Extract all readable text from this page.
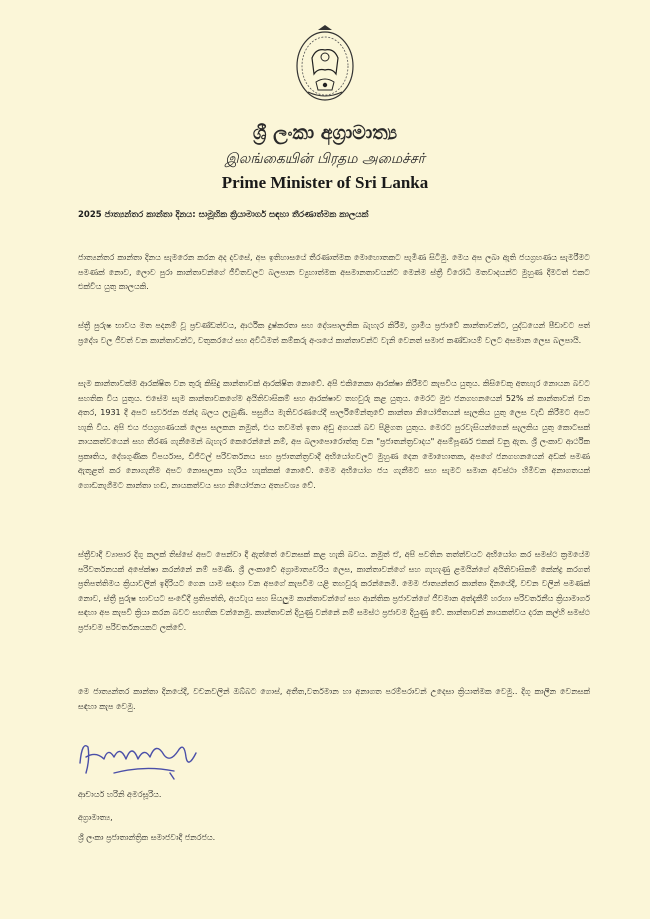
ශ්‍රී ලංකා අග්‍රාමාත්‍ය
இலங்கையின் பிரதம அமைச்சர்
Prime Minister of Sri Lanka
2025 ජාත්‍යන්තර කාන්තා දිනය: සාමූහික ක්‍රියාමාර්ග සඳහා තීරණාත්මක කාලයක්

ජාත්‍යන්තර කාන්තා දිනය සැමරෙන කරන අද දවසේ, අප ඉතිහාසයේ තීරණාත්මක මොහොතකට පැමිණ සිටිමු. මෙය අප ලබා ඇති ජයග්‍රහණය සැමරීමට පමණක් නොව, ලොව පුරා කාන්තාවන්ගේ ජීවිතවලට බලපාන ව්‍යුහාත්මක අසමානතාවයන්ට මෙන්ම ස්ත්‍රී විරෝධී මතවාදයන්ට මුහුණ දීමටත් එකට එක්විය යුතු කාලයකි.

ස්ත්‍රී පුරුෂ භාවය මත පදනම් වූ ප්‍රචණ්ඩත්වය, ආර්ථික දුෂ්කරතා සහ දේශපාලනික බැහැර කිරීම, ග්‍රාමීය ප්‍රජාවේ කාන්තාවන්ට, යුද්ධයෙන් පීඩාවට පත් ප්‍රදේශ වල ජීවත් වන කාන්තාවන්ට, වතුකරයේ සහ අවිධිමත් කම්කරු අංශයේ කාන්තාවන්ට වැනි වෙනත් සමාජ කණ්ඩායම් වලට අසමාන ලෙස බලපායි.

සැම කාන්තාවක්ම ආරක්ෂිත වන තුරු කිසිදු කාන්තාවක් ආරක්ෂිත නොවේ. අපි එකිනෙකා ආරක්ෂා කිරීමට කැපවිය යුතුය. කිසිවෙකු අතහැර නොයන බවට සහතික විය යුතුය. එසේම සැම කාන්තාවකගේම අයිතිවාසිකම් සහ ආරක්ෂාව තහවුරු කළ යුතුය. මෙරට මුළු ජනගහනයෙන් 52% ක් කාන්තාවන් වන අතර, 1931 දී අපට සර්වජන ඡන්ද බලය ලැබුණි. පසුගිය මැතිවරණයේදී පාර්ලිමේන්තුවේ කාන්තා නියෝජිතයන් සැලකිය යුතු ලෙස වැඩි කිරීමට අපට හැකි විය. අපි එය ජයග්‍රහණයක් ලෙස සලකන නමුත්, එය තවමත් ඉතා අඩු අගයක් බව පිළිගත යුතුය. මෙරට පුරවැසියන්ගෙන් සැලකිය යුතු කොටසක් නායකත්වයෙන් සහ තීරණ ගැනීමෙන් බැහැර කෙරෙන්නේ නම්, අප බලාපොරොත්තු වන "ප්‍රජාතන්ත්‍රවාදය" අසම්පූර්ණ එකක් වනු ඇත. ශ්‍රී ලංකාව ආර්ථික ප්‍රකෘතිය, දේශගුණික විපර්යාස, ඩිජිටල් පරිවර්තනය සහ ප්‍රජාතන්ත්‍රවාදී අභියෝගවලට මුහුණ දෙන මොහොතක, අපගේ ජනගහනයෙන් අඩක් පමණ ඇතුළත් කර නොගැනීම අපට නොසලකා හැරිය හැක්කක් නොවේ. මෙම අභියෝග ජය ගැනීමට සහ සැමට සමාන අවස්ථා හිමිවන අනාගතයක් ගොඩනැගීමට කාන්තා හඬ, නායකත්වය සහ නියෝජනය අත්‍යවශ්‍ය වේ.

ස්ත්‍රීවාදී ව්‍යාපාර දිගු කලක් තිස්සේ අපට පෙන්වා දී ඇත්තේ වෙනසක් කළ හැකි බවය. නමුත් ඒ, අපි පවතින තත්ත්වයට අභියෝග කර සමස්ථ ක්‍රමයේම පරිවර්තනයක් අපේක්ෂා කරන්නේ නම් පමණි. ශ්‍රී ලංකාවේ අග්‍රාමාත්‍යවරිය ලෙස, කාන්තාවන්ගේ සහ ගැහැණු ළමයින්ගේ අයිතිවාසිකම් කේන්ද්‍ර කරගත් ප්‍රතිපත්තිමය ක්‍රියාවලින් ඉදිරියට ගෙන යාම සඳහා වන අපගේ කැපවීම යළි තහවුරු කරන්නෙමි. මෙම ජාත්‍යන්තර කාන්තා දිනයේදී, වචන වලින් පමණක් නොව, ස්ත්‍රී පුරුෂ භාවයට සංවේදී ප්‍රතිපත්ති, අයවැය සහ සියලුම කාන්තාවන්ගේ සහ ආන්තික ප්‍රජාවන්ගේ ජීවමාන අත්දැකීම් හරහා පරිවර්තනීය ක්‍රියාමාර්ග සඳහා අප කැපවී ක්‍රියා කරන බවට සහතික වන්නෙමු. කාන්තාවන් දියුණු වන්නේ නම් සමස්ථ ප්‍රජාවම දියුණු වේ. කාන්තාවන් නායකත්වය දරන කල්හි සමස්ථ ප්‍රජාවම පරිවර්තනයකට ලක්වේ.

මෙ ජාත්‍යන්තර කාන්තා දිනයේදී, වචනවලින් ඔබ්බට ගොස්, අතීත,වර්තමාන හා අනාගත පරම්පරාවන් උදෙසා ක්‍රියාත්මක වෙමු.. දිගු කාලීන වෙනසක් සඳහා කැප වෙමු.

ආචාර්ය හරිනි අමරසූරිය.

අග්‍රාමාත්‍ය,

ශ්‍රී ලංකා ප්‍රජාතාන්ත්‍රික සමාජවාදී ජනරජය.
